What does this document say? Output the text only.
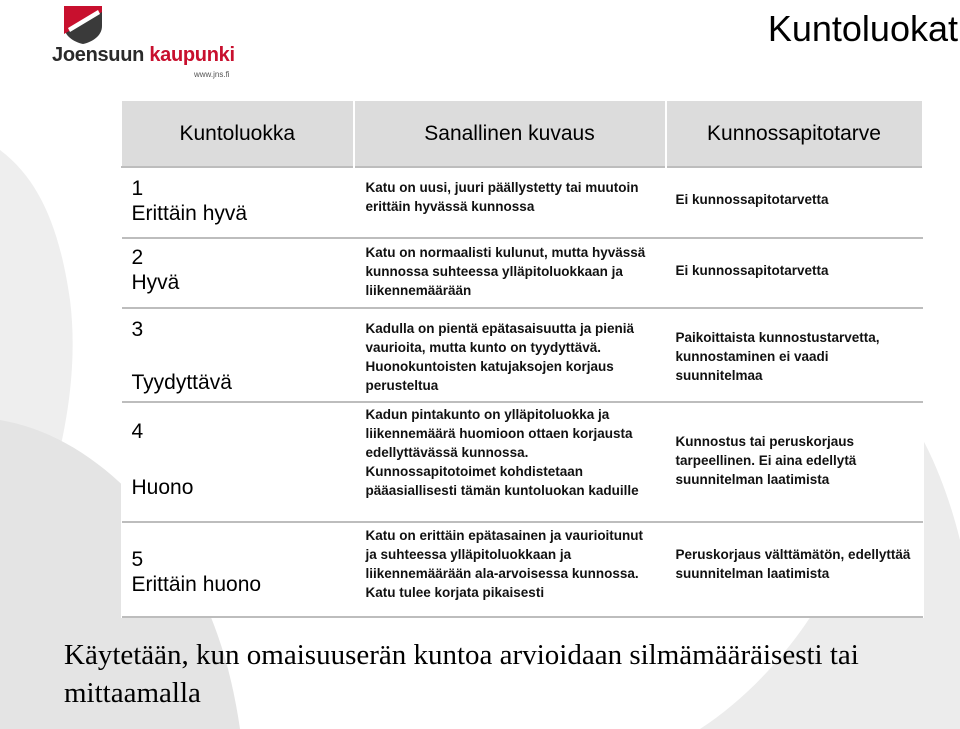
Joensuun kaupunki
www.jns.fi
Kuntoluokat
Kuntoluokka	Sanallinen kuvaus	Kunnossapitotarve

1
Erittäin hyvä	Katu on uusi, juuri päällystetty tai muutoin erittäin hyvässä kunnossa	Ei kunnossapitotarvetta

2
Hyvä	Katu on normaalisti kulunut, mutta hyvässä kunnossa suhteessa ylläpitoluokkaan ja liikennemäärään	Ei kunnossapitotarvetta

3
Tyydyttävä	Kadulla on pientä epätasaisuutta ja pieniä vaurioita, mutta kunto on tyydyttävä. Huonokuntoisten katujaksojen korjaus perusteltua	Paikoittaista kunnostustarvetta, kunnostaminen ei vaadi suunnitelmaa

4
Huono	Kadun pintakunto on ylläpitoluokka ja liikennemäärä huomioon ottaen korjausta edellyttävässä kunnossa. Kunnossapitotoimet kohdistetaan pääasiallisesti tämän kuntoluokan kaduille	Kunnostus tai peruskorjaus tarpeellinen. Ei aina edellytä suunnitelman laatimista

5
Erittäin huono	Katu on erittäin epätasainen ja vaurioitunut ja suhteessa ylläpitoluokkaan ja liikennemäärään ala-arvoisessa kunnossa. Katu tulee korjata pikaisesti	Peruskorjaus välttämätön, edellyttää suunnitelman laatimista
Käytetään, kun omaisuuserän kuntoa arvioidaan silmämääräisesti tai mittaamalla
